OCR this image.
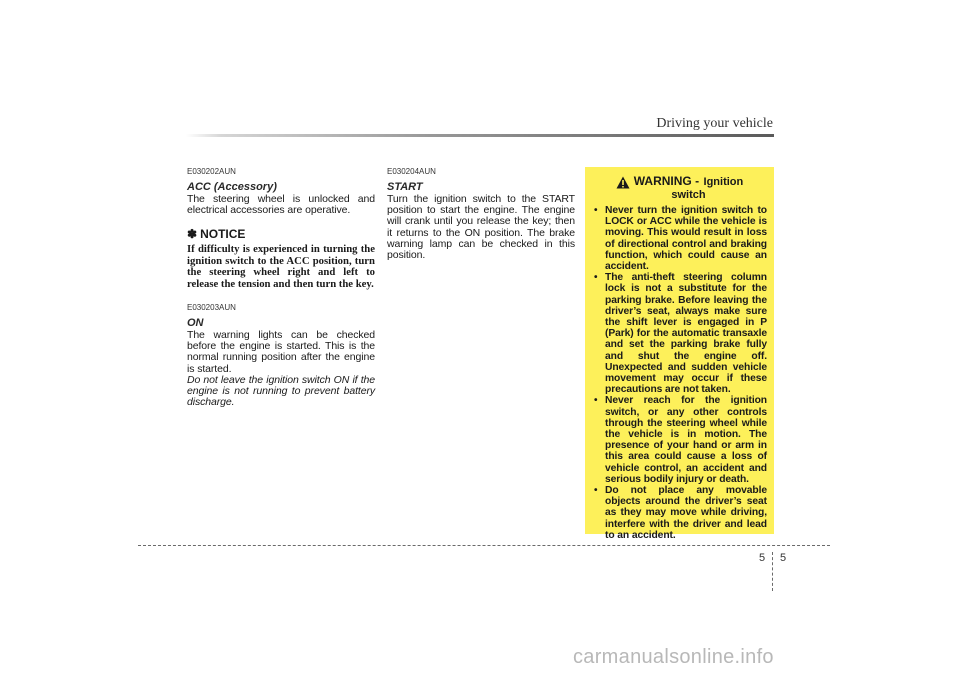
Driving your vehicle

E030202AUN

ACC (Accessory)

The steering wheel is unlocked and electrical accessories are operative.

✽ NOTICE

If difficulty is experienced in turning the ignition switch to the ACC position, turn the steering wheel right and left to release the tension and then turn the key.

E030203AUN

ON

The warning lights can be checked before the engine is started. This is the normal running position after the engine is started.

Do not leave the ignition switch ON if the engine is not running to prevent battery discharge.

E030204AUN

START

Turn the ignition switch to the START position to start the engine. The engine will crank until you release the key; then it returns to the ON position. The brake warning lamp can be checked in this position.

WARNING - Ignition
switch
• Never turn the ignition switch to LOCK or ACC while the vehicle is moving. This would result in loss of directional control and braking function, which could cause an accident.
• The anti-theft steering column lock is not a substitute for the parking brake. Before leaving the driver’s seat, always make sure the shift lever is engaged in P (Park) for the automatic transaxle and set the parking brake fully and shut the engine off. Unexpected and sudden vehicle movement may occur if these precautions are not taken.
• Never reach for the ignition switch, or any other controls through the steering wheel while the vehicle is in motion. The presence of your hand or arm in this area could cause a loss of vehicle control, an accident and serious bodily injury or death.
• Do not place any movable objects around the driver’s seat as they may move while driving, interfere with the driver and lead to an accident.
5	5
carmanualsonline.info
